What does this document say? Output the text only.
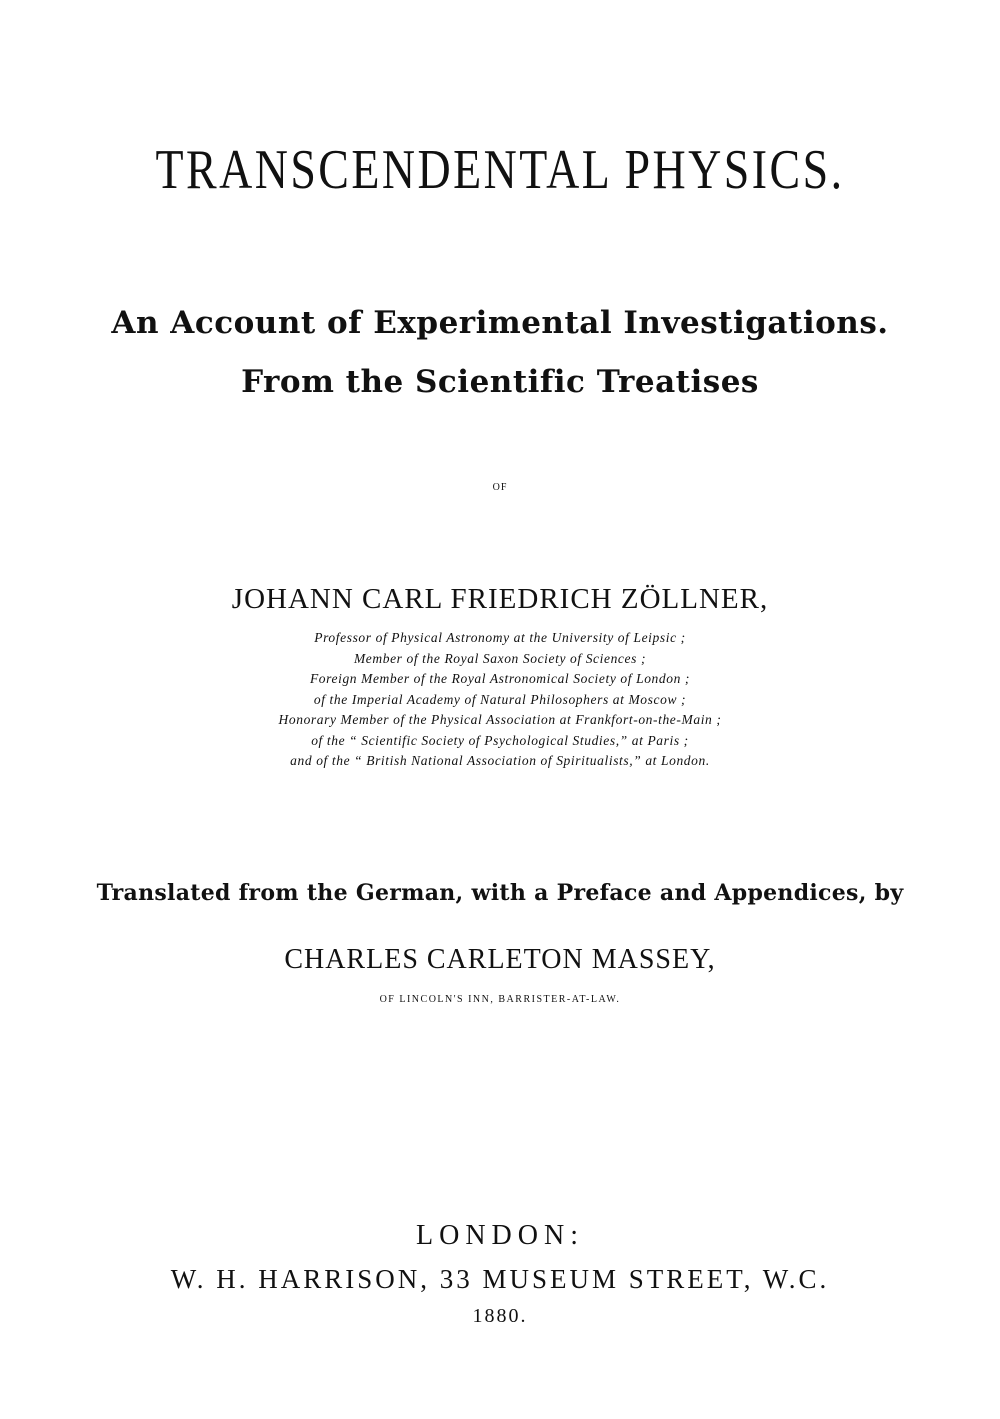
TRANSCENDENTAL PHYSICS.
An Account of Experimental Investigations.
From the Scientific Treatises
OF
JOHANN CARL FRIEDRICH ZÖLLNER,
Professor of Physical Astronomy at the University of Leipsic ;
Member of the Royal Saxon Society of Sciences ;
Foreign Member of the Royal Astronomical Society of London ;
of the Imperial Academy of Natural Philosophers at Moscow ;
Honorary Member of the Physical Association at Frankfort-on-the-Main ;
of the “ Scientific Society of Psychological Studies,” at Paris ;
and of the “ British National Association of Spiritualists,” at London.
Translated from the German, with a Preface and Appendices, by
CHARLES CARLETON MASSEY,
OF LINCOLN'S INN, BARRISTER-AT-LAW.
LONDON:
W. H. HARRISON, 33 MUSEUM STREET, W.C.
1880.
